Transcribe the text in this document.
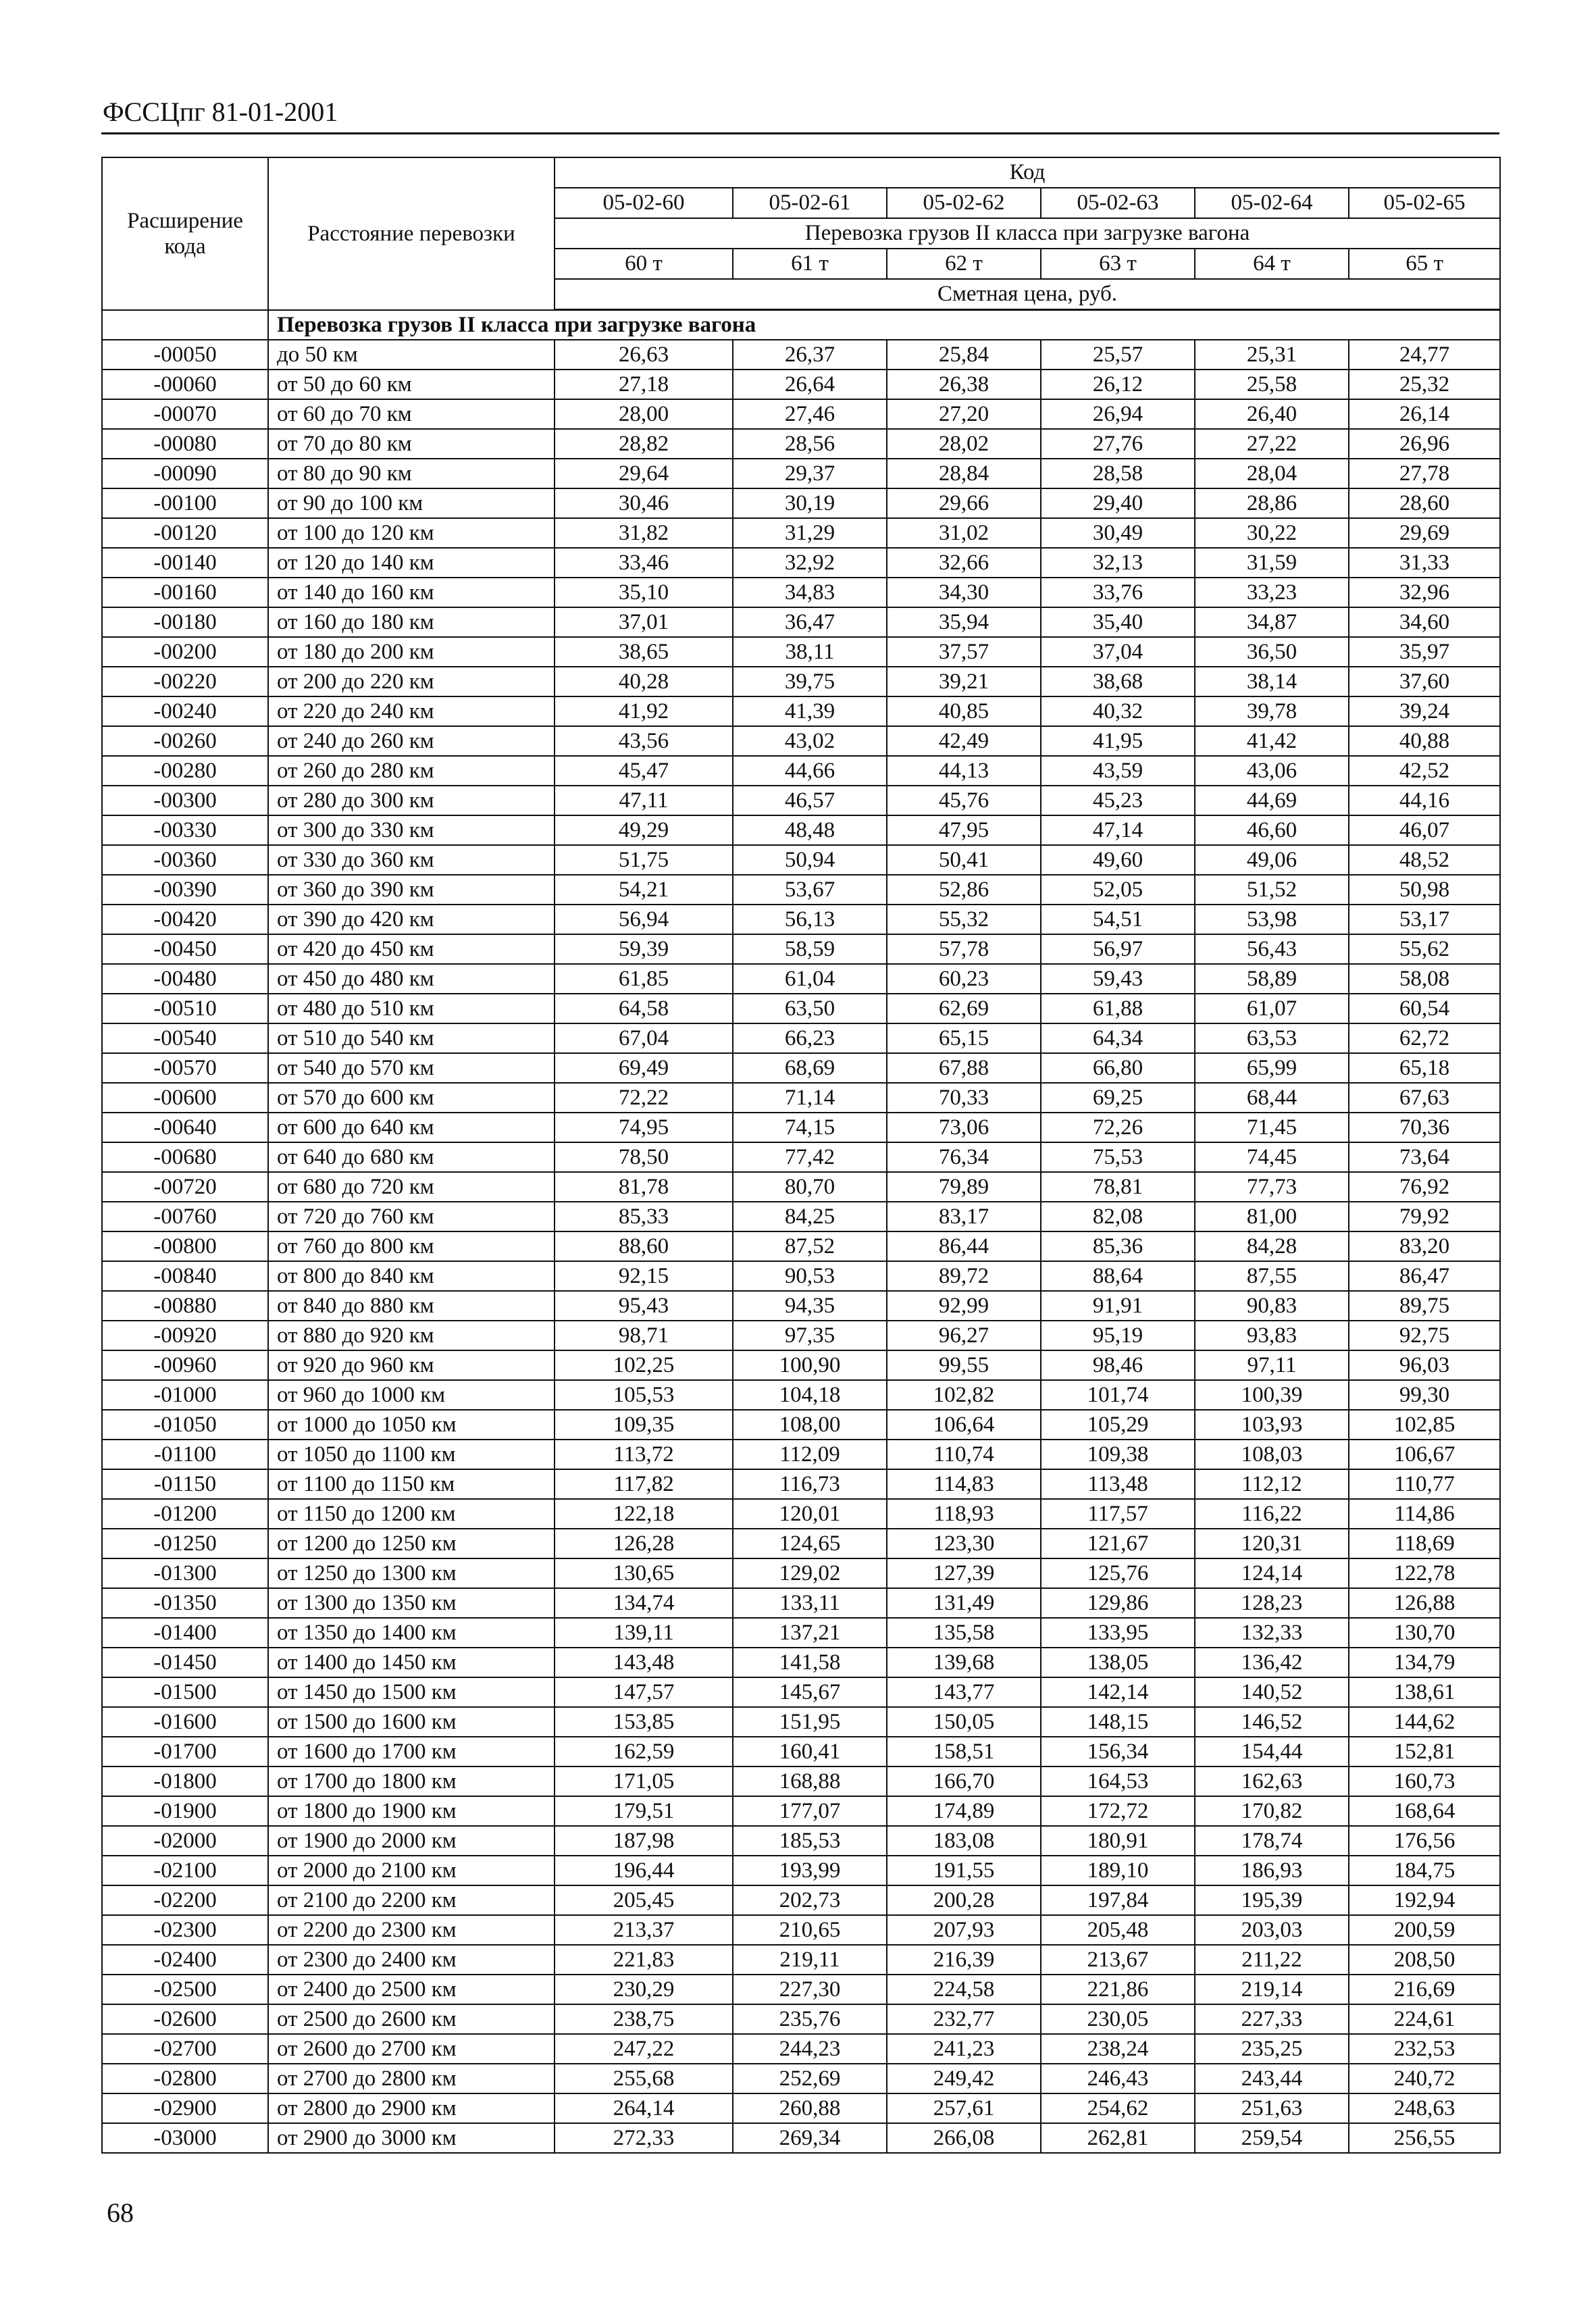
ФССЦпг 81-01-2001
Расширение кода	Расстояние перевозки	Код					
		05-02-60	05-02-61	05-02-62	05-02-63	05-02-64	05-02-65
		Перевозка грузов II класса при загрузке вагона					
		60 т	61 т	62 т	63 т	64 т	65 т
		Сметная цена, руб.					
	Перевозка грузов II класса при загрузке вагона						
-00050	до 50 км	26,63	26,37	25,84	25,57	25,31	24,77
-00060	от 50 до 60 км	27,18	26,64	26,38	26,12	25,58	25,32
-00070	от 60 до 70 км	28,00	27,46	27,20	26,94	26,40	26,14
-00080	от 70 до 80 км	28,82	28,56	28,02	27,76	27,22	26,96
-00090	от 80 до 90 км	29,64	29,37	28,84	28,58	28,04	27,78
-00100	от 90 до 100 км	30,46	30,19	29,66	29,40	28,86	28,60
-00120	от 100 до 120 км	31,82	31,29	31,02	30,49	30,22	29,69
-00140	от 120 до 140 км	33,46	32,92	32,66	32,13	31,59	31,33
-00160	от 140 до 160 км	35,10	34,83	34,30	33,76	33,23	32,96
-00180	от 160 до 180 км	37,01	36,47	35,94	35,40	34,87	34,60
-00200	от 180 до 200 км	38,65	38,11	37,57	37,04	36,50	35,97
-00220	от 200 до 220 км	40,28	39,75	39,21	38,68	38,14	37,60
-00240	от 220 до 240 км	41,92	41,39	40,85	40,32	39,78	39,24
-00260	от 240 до 260 км	43,56	43,02	42,49	41,95	41,42	40,88
-00280	от 260 до 280 км	45,47	44,66	44,13	43,59	43,06	42,52
-00300	от 280 до 300 км	47,11	46,57	45,76	45,23	44,69	44,16
-00330	от 300 до 330 км	49,29	48,48	47,95	47,14	46,60	46,07
-00360	от 330 до 360 км	51,75	50,94	50,41	49,60	49,06	48,52
-00390	от 360 до 390 км	54,21	53,67	52,86	52,05	51,52	50,98
-00420	от 390 до 420 км	56,94	56,13	55,32	54,51	53,98	53,17
-00450	от 420 до 450 км	59,39	58,59	57,78	56,97	56,43	55,62
-00480	от 450 до 480 км	61,85	61,04	60,23	59,43	58,89	58,08
-00510	от 480 до 510 км	64,58	63,50	62,69	61,88	61,07	60,54
-00540	от 510 до 540 км	67,04	66,23	65,15	64,34	63,53	62,72
-00570	от 540 до 570 км	69,49	68,69	67,88	66,80	65,99	65,18
-00600	от 570 до 600 км	72,22	71,14	70,33	69,25	68,44	67,63
-00640	от 600 до 640 км	74,95	74,15	73,06	72,26	71,45	70,36
-00680	от 640 до 680 км	78,50	77,42	76,34	75,53	74,45	73,64
-00720	от 680 до 720 км	81,78	80,70	79,89	78,81	77,73	76,92
-00760	от 720 до 760 км	85,33	84,25	83,17	82,08	81,00	79,92
-00800	от 760 до 800 км	88,60	87,52	86,44	85,36	84,28	83,20
-00840	от 800 до 840 км	92,15	90,53	89,72	88,64	87,55	86,47
-00880	от 840 до 880 км	95,43	94,35	92,99	91,91	90,83	89,75
-00920	от 880 до 920 км	98,71	97,35	96,27	95,19	93,83	92,75
-00960	от 920 до 960 км	102,25	100,90	99,55	98,46	97,11	96,03
-01000	от 960 до 1000 км	105,53	104,18	102,82	101,74	100,39	99,30
-01050	от 1000 до 1050 км	109,35	108,00	106,64	105,29	103,93	102,85
-01100	от 1050 до 1100 км	113,72	112,09	110,74	109,38	108,03	106,67
-01150	от 1100 до 1150 км	117,82	116,73	114,83	113,48	112,12	110,77
-01200	от 1150 до 1200 км	122,18	120,01	118,93	117,57	116,22	114,86
-01250	от 1200 до 1250 км	126,28	124,65	123,30	121,67	120,31	118,69
-01300	от 1250 до 1300 км	130,65	129,02	127,39	125,76	124,14	122,78
-01350	от 1300 до 1350 км	134,74	133,11	131,49	129,86	128,23	126,88
-01400	от 1350 до 1400 км	139,11	137,21	135,58	133,95	132,33	130,70
-01450	от 1400 до 1450 км	143,48	141,58	139,68	138,05	136,42	134,79
-01500	от 1450 до 1500 км	147,57	145,67	143,77	142,14	140,52	138,61
-01600	от 1500 до 1600 км	153,85	151,95	150,05	148,15	146,52	144,62
-01700	от 1600 до 1700 км	162,59	160,41	158,51	156,34	154,44	152,81
-01800	от 1700 до 1800 км	171,05	168,88	166,70	164,53	162,63	160,73
-01900	от 1800 до 1900 км	179,51	177,07	174,89	172,72	170,82	168,64
-02000	от 1900 до 2000 км	187,98	185,53	183,08	180,91	178,74	176,56
-02100	от 2000 до 2100 км	196,44	193,99	191,55	189,10	186,93	184,75
-02200	от 2100 до 2200 км	205,45	202,73	200,28	197,84	195,39	192,94
-02300	от 2200 до 2300 км	213,37	210,65	207,93	205,48	203,03	200,59
-02400	от 2300 до 2400 км	221,83	219,11	216,39	213,67	211,22	208,50
-02500	от 2400 до 2500 км	230,29	227,30	224,58	221,86	219,14	216,69
-02600	от 2500 до 2600 км	238,75	235,76	232,77	230,05	227,33	224,61
-02700	от 2600 до 2700 км	247,22	244,23	241,23	238,24	235,25	232,53
-02800	от 2700 до 2800 км	255,68	252,69	249,42	246,43	243,44	240,72
-02900	от 2800 до 2900 км	264,14	260,88	257,61	254,62	251,63	248,63
-03000	от 2900 до 3000 км	272,33	269,34	266,08	262,81	259,54	256,55
68
